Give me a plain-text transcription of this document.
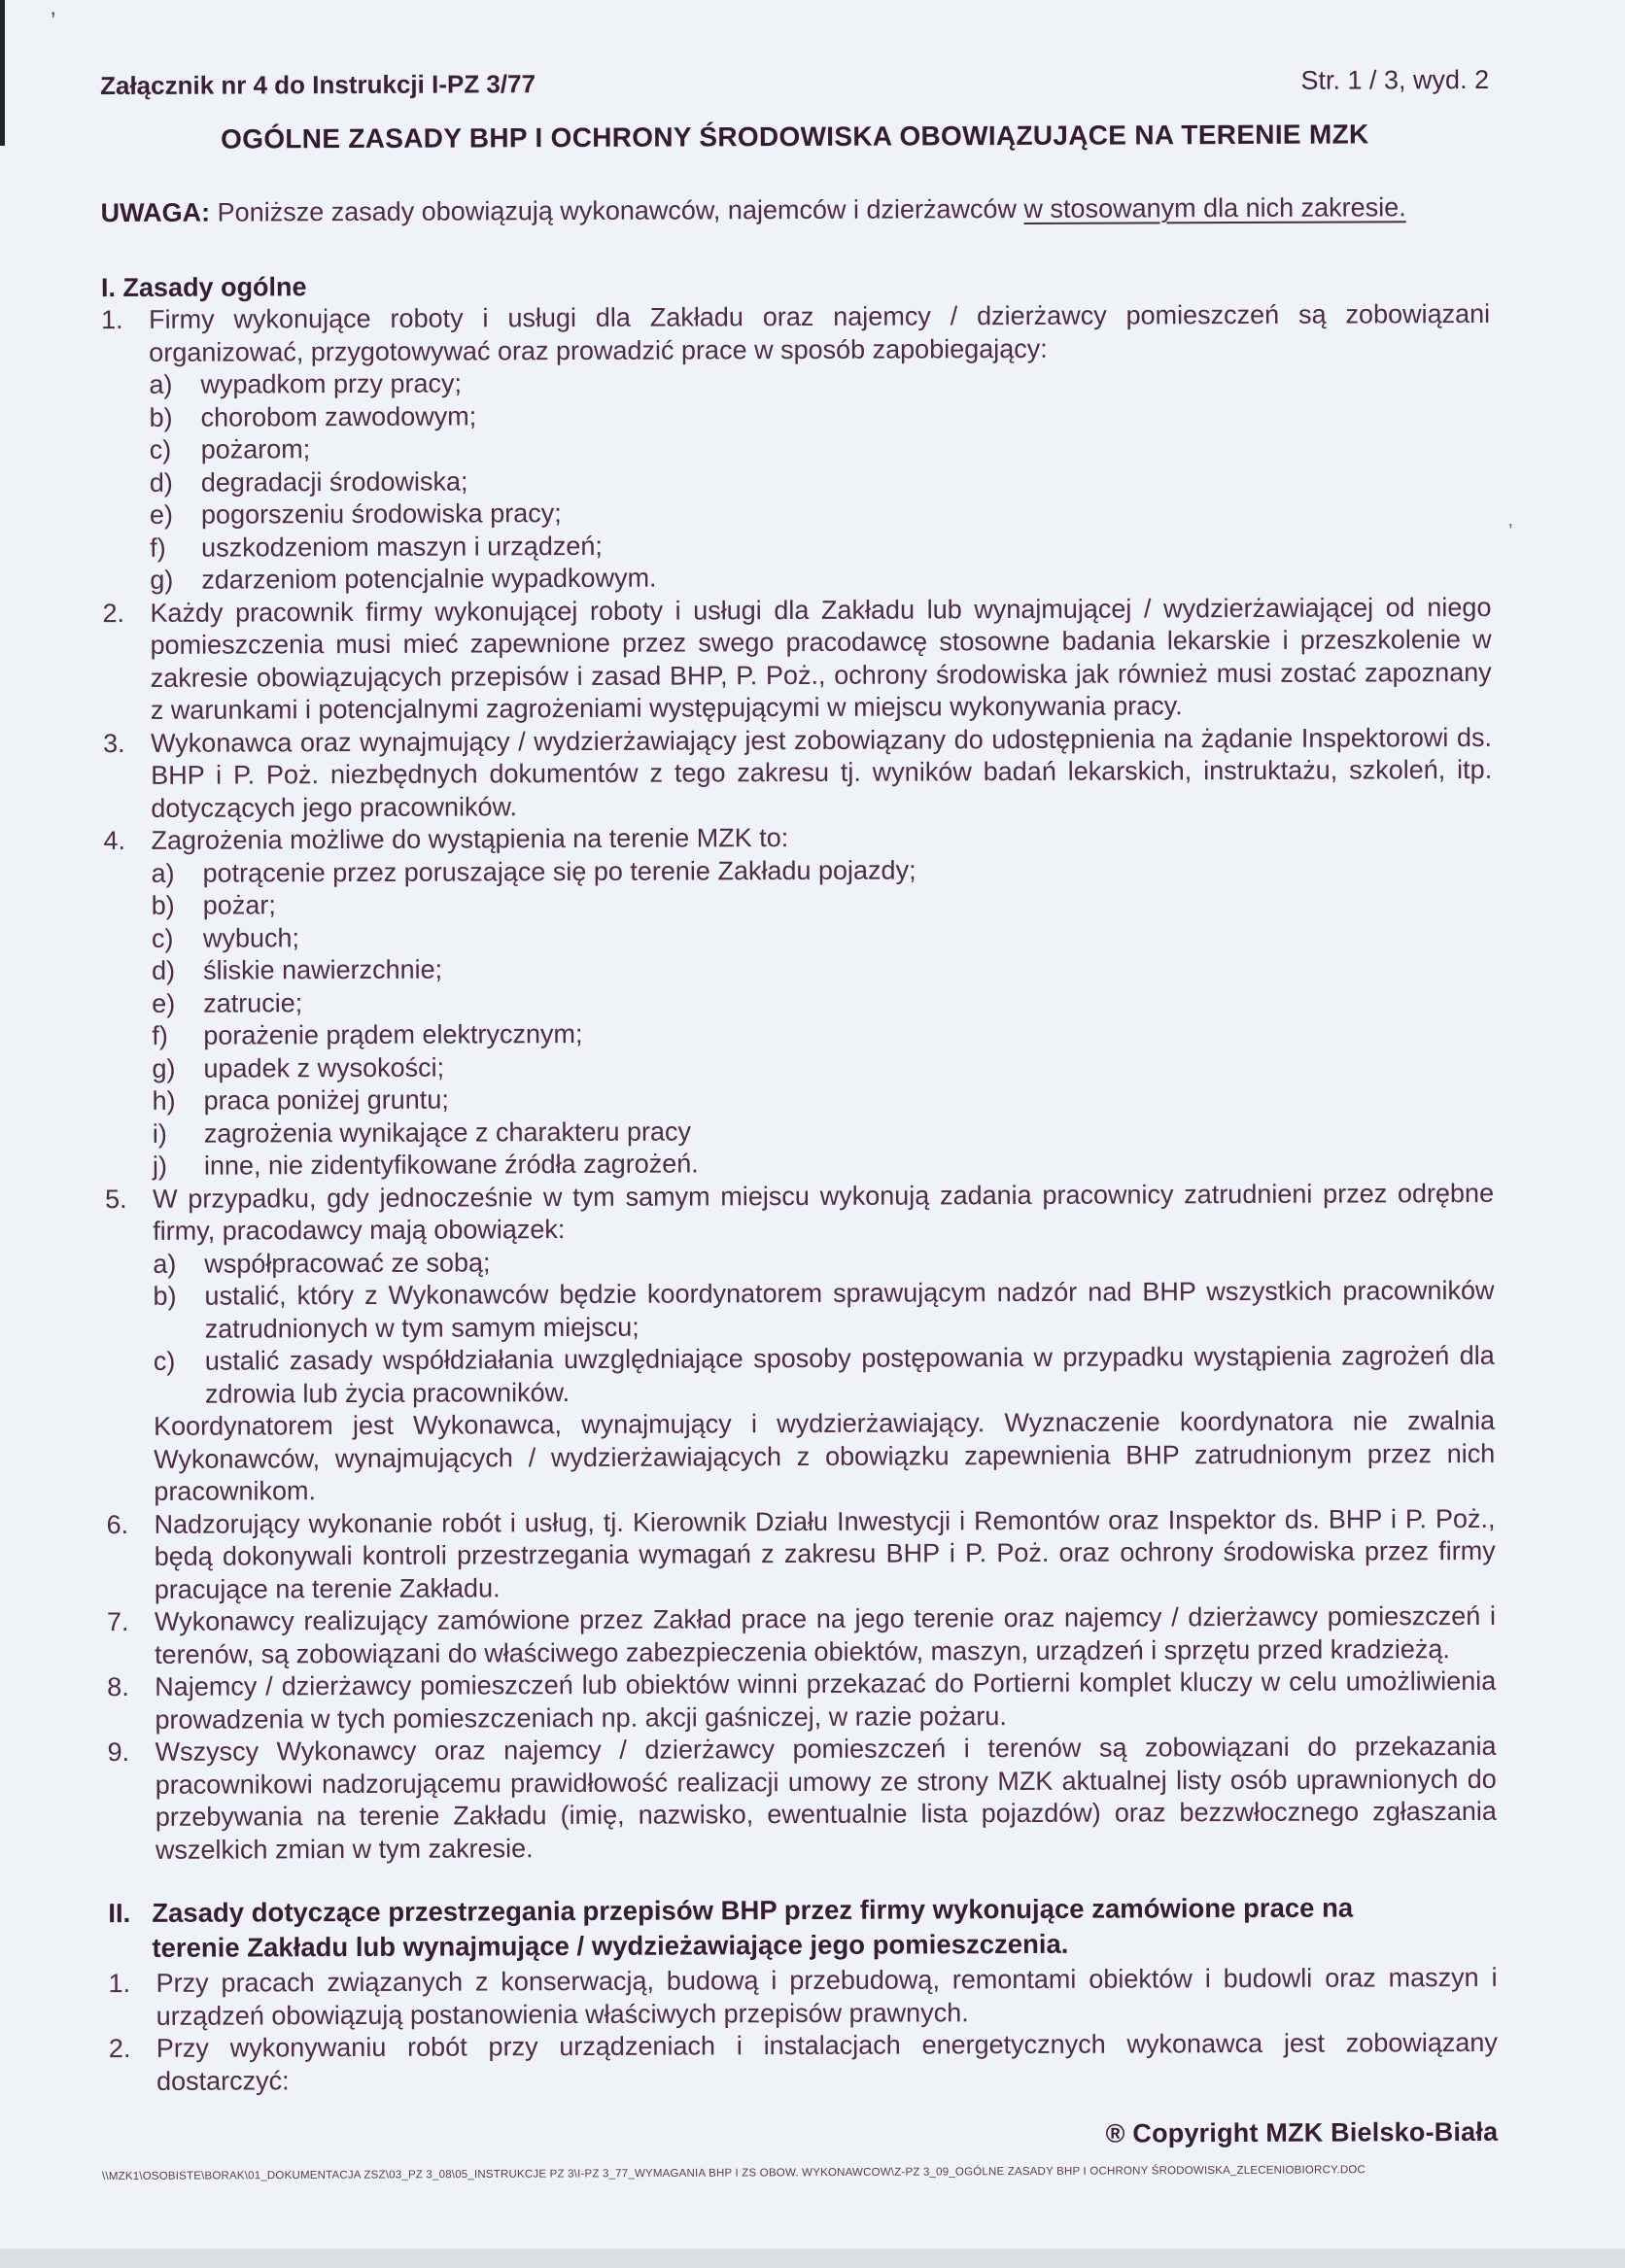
’
’
Załącznik nr 4 do Instrukcji I-PZ 3/77	Str. 1 / 3, wyd. 2
OGÓLNE ZASADY BHP I OCHRONY ŚRODOWISKA OBOWIĄZUJĄCE NA TERENIE MZK

UWAGA: Poniższe zasady obowiązują wykonawców, najemców i dzierżawców w stosowanym dla nich zakresie.

I. Zasady ogólne
1. Firmy wykonujące roboty i usługi dla Zakładu oraz najemcy / dzierżawcy pomieszczeń są zobowiązani organizować, przygotowywać oraz prowadzić prace w sposób zapobiegający:
a)	wypadkom przy pracy;
b)	chorobom zawodowym;
c)	pożarom;
d)	degradacji środowiska;
e)	pogorszeniu środowiska pracy;
f)	uszkodzeniom maszyn i urządzeń;
g)	zdarzeniom potencjalnie wypadkowym.
2. Każdy pracownik firmy wykonującej roboty i usługi dla Zakładu lub wynajmującej / wydzierżawiającej od niego pomieszczenia musi mieć zapewnione przez swego pracodawcę stosowne badania lekarskie i przeszkolenie w zakresie obowiązujących przepisów i zasad BHP, P. Poż., ochrony środowiska jak również musi zostać zapoznany z warunkami i potencjalnymi zagrożeniami występującymi w miejscu wykonywania pracy.
3. Wykonawca oraz wynajmujący / wydzierżawiający jest zobowiązany do udostępnienia na żądanie Inspektorowi ds. BHP i P. Poż. niezbędnych dokumentów z tego zakresu tj. wyników badań lekarskich, instruktażu, szkoleń, itp. dotyczących jego pracowników.
4. Zagrożenia możliwe do wystąpienia na terenie MZK to:
a)	potrącenie przez poruszające się po terenie Zakładu pojazdy;
b)	pożar;
c)	wybuch;
d)	śliskie nawierzchnie;
e)	zatrucie;
f)	porażenie prądem elektrycznym;
g)	upadek z wysokości;
h)	praca poniżej gruntu;
i)	zagrożenia wynikające z charakteru pracy
j)	inne, nie zidentyfikowane źródła zagrożeń.
5. W przypadku, gdy jednocześnie w tym samym miejscu wykonują zadania pracownicy zatrudnieni przez odrębne firmy, pracodawcy mają obowiązek:
a)	współpracować ze sobą;
b)	ustalić, który z Wykonawców będzie koordynatorem sprawującym nadzór nad BHP wszystkich pracowników zatrudnionych w tym samym miejscu;
c)	ustalić zasady współdziałania uwzględniające sposoby postępowania w przypadku wystąpienia zagrożeń dla zdrowia lub życia pracowników.
Koordynatorem jest Wykonawca, wynajmujący i wydzierżawiający. Wyznaczenie koordynatora nie zwalnia Wykonawców, wynajmujących / wydzierżawiających z obowiązku zapewnienia BHP zatrudnionym przez nich pracownikom.
6. Nadzorujący wykonanie robót i usług, tj. Kierownik Działu Inwestycji i Remontów oraz Inspektor ds. BHP i P. Poż., będą dokonywali kontroli przestrzegania wymagań z zakresu BHP i P. Poż. oraz ochrony środowiska przez firmy pracujące na terenie Zakładu.
7. Wykonawcy realizujący zamówione przez Zakład prace na jego terenie oraz najemcy / dzierżawcy pomieszczeń i terenów, są zobowiązani do właściwego zabezpieczenia obiektów, maszyn, urządzeń i sprzętu przed kradzieżą.
8. Najemcy / dzierżawcy pomieszczeń lub obiektów winni przekazać do Portierni komplet kluczy w celu umożliwienia prowadzenia w tych pomieszczeniach np. akcji gaśniczej, w razie pożaru.
9. Wszyscy Wykonawcy oraz najemcy / dzierżawcy pomieszczeń i terenów są zobowiązani do przekazania pracownikowi nadzorującemu prawidłowość realizacji umowy ze strony MZK aktualnej listy osób uprawnionych do przebywania na terenie Zakładu (imię, nazwisko, ewentualnie lista pojazdów) oraz bezzwłocznego zgłaszania wszelkich zmian w tym zakresie.
II. Zasady dotyczące przestrzegania przepisów BHP przez firmy wykonujące zamówione prace na terenie Zakładu lub wynajmujące / wydzieżawiające jego pomieszczenia.
1. Przy pracach związanych z konserwacją, budową i przebudową, remontami obiektów i budowli oraz maszyn i urządzeń obowiązują postanowienia właściwych przepisów prawnych.
2. Przy wykonywaniu robót przy urządzeniach i instalacjach energetycznych wykonawca jest zobowiązany dostarczyć:
® Copyright MZK Bielsko-Biała
\\MZK1\OSOBISTE\BORAK\01_DOKUMENTACJA ZSZ\03_PZ 3_08\05_INSTRUKCJE PZ 3\I-PZ 3_77_WYMAGANIA BHP I ZS OBOW. WYKONAWCOW\Z-PZ 3_09_OGÓLNE ZASADY BHP I OCHRONY ŚRODOWISKA_ZLECENIOBIORCY.DOC
